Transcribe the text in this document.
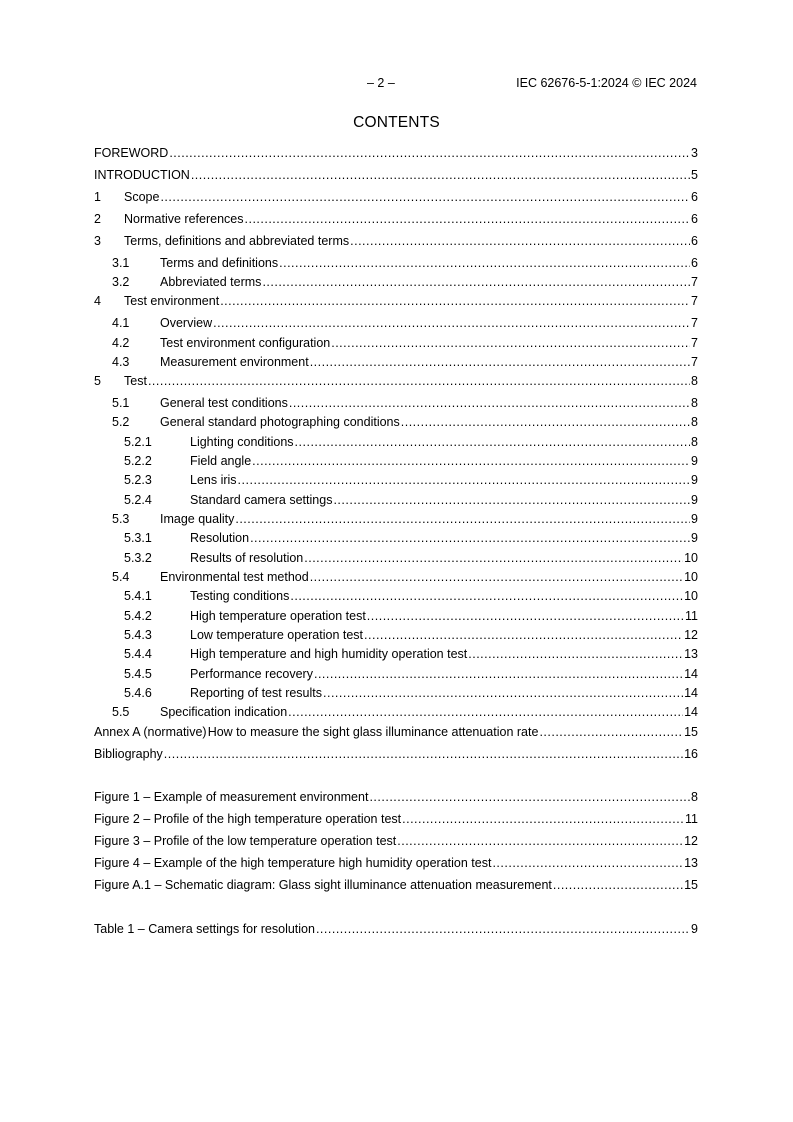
– 2 –	IEC 62676-5-1:2024 © IEC 2024
CONTENTS
FOREWORD .....	3
INTRODUCTION .....	5
1	Scope .....	6
2	Normative references .....	6
3	Terms, definitions and abbreviated terms .....	6
3.1	Terms and definitions .....	6
3.2	Abbreviated terms .....	7
4	Test environment .....	7
4.1	Overview .....	7
4.2	Test environment configuration .....	7
4.3	Measurement environment .....	7
5	Test .....	8
5.1	General test conditions .....	8
5.2	General standard photographing conditions .....	8
5.2.1	Lighting conditions .....	8
5.2.2	Field angle .....	9
5.2.3	Lens iris .....	9
5.2.4	Standard camera settings .....	9
5.3	Image quality .....	9
5.3.1	Resolution .....	9
5.3.2	Results of resolution .....	10
5.4	Environmental test method .....	10
5.4.1	Testing conditions .....	10
5.4.2	High temperature operation test .....	11
5.4.3	Low temperature operation test .....	12
5.4.4	High temperature and high humidity operation test .....	13
5.4.5	Performance recovery .....	14
5.4.6	Reporting of test results .....	14
5.5	Specification indication .....	14
Annex A (normative) How to measure the sight glass illuminance attenuation rate .....	15
Bibliography .....	16
Figure 1 – Example of measurement environment .....	8
Figure 2 – Profile of the high temperature operation test .....	11
Figure 3 – Profile of the low temperature operation test .....	12
Figure 4 – Example of the high temperature high humidity operation test .....	13
Figure A.1 – Schematic diagram: Glass sight illuminance attenuation measurement .....	15
Table 1 – Camera settings for resolution .....	9
